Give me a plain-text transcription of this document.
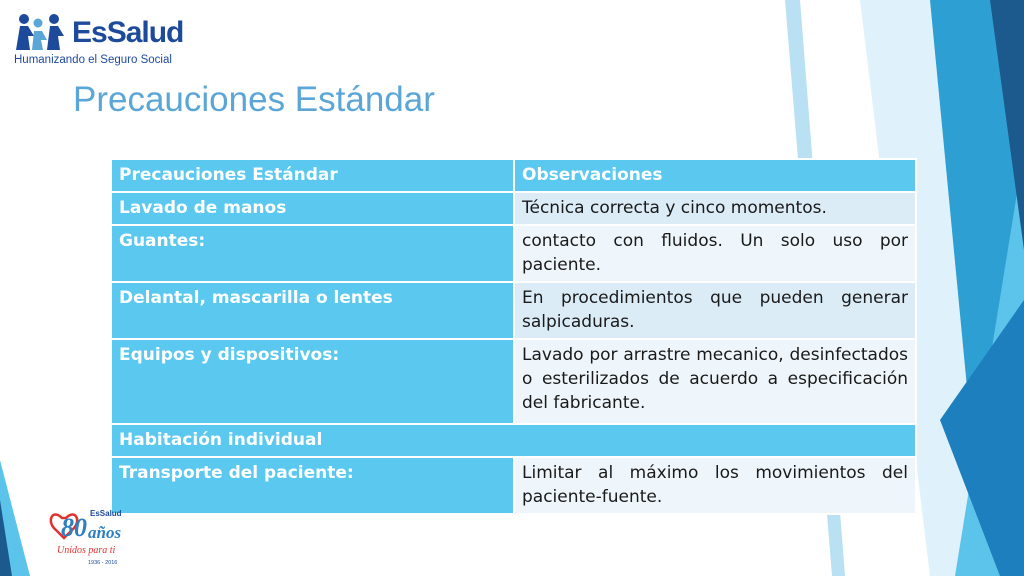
EsSalud
Humanizando el Seguro Social
Precauciones Estándar
Precauciones Estándar	Observaciones
Lavado de manos	Técnica correcta y cinco momentos.
Guantes:	contacto con fluidos. Un solo uso por paciente.
Delantal, mascarilla o lentes	En procedimientos que pueden generar salpicaduras.
Equipos y dispositivos:	Lavado por arrastre mecanico, desinfectados o esterilizados de acuerdo a especificación del fabricante.
Habitación individual	
Transporte del paciente:	Limitar al máximo los movimientos del paciente-fuente.
80 EsSalud
años
Unidos para ti
1936 - 2016
